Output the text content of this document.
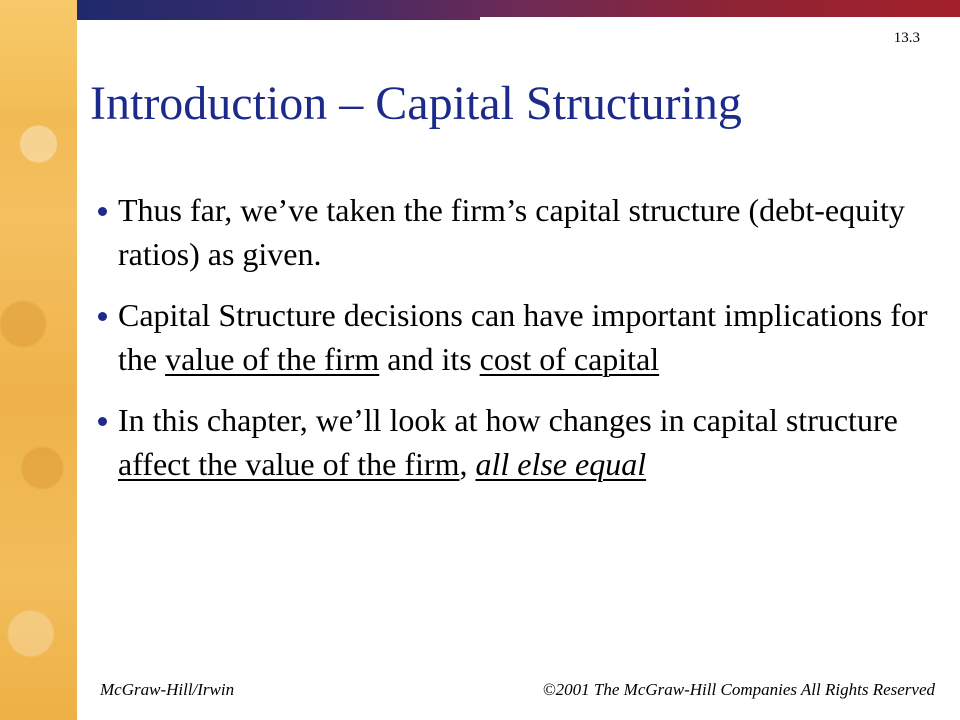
13.3
Introduction – Capital Structuring
Thus far, we’ve taken the firm’s capital structure (debt-equity ratios) as given.
Capital Structure decisions can have important implications for the value of the firm and its cost of capital
In this chapter, we’ll look at how changes in capital structure affect the value of the firm, all else equal
McGraw-Hill/Irwin	©2001 The McGraw-Hill Companies All Rights Reserved
